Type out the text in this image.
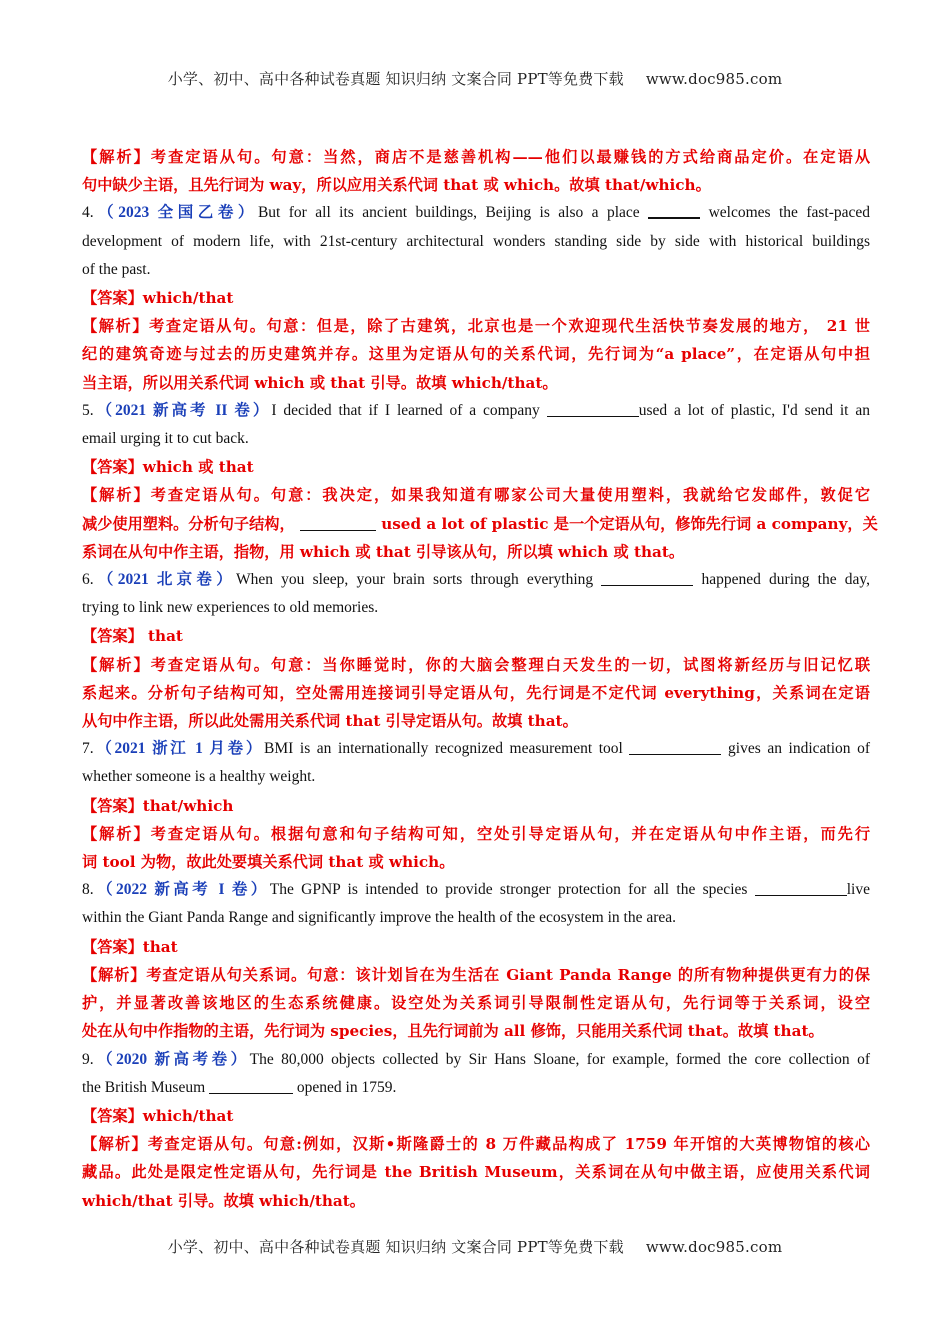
小学、初中、高中各种试卷真题 知识归纳 文案合同 PPT等免费下载 www.doc985.com
【解析】考查定语从句。句意：当然，商店不是慈善机构——他们以最赚钱的方式给商品定价。在定语从
句中缺少主语，且先行词为 way，所以应用关系代词 that 或 which。故填 that/which。
4.（2023 全国乙卷）But for all its ancient buildings, Beijing is also a place	welcomes the fast-paced
development of modern life, with 21st-century architectural wonders standing side by side with historical buildings
of the past.
【答案】which/that
【解析】考查定语从句。句意：但是，除了古建筑，北京也是一个欢迎现代生活快节奏发展的地方， 21 世
纪的建筑奇迹与过去的历史建筑并存。这里为定语从句的关系代词，先行词为“a place”，在定语从句中担
当主语，所以用关系代词 which 或 that 引导。故填 which/that。
5.（2021 新高考 II 卷）I decided that if I learned of a company	used a lot of plastic, I'd send it an
email urging it to cut back.
【答案】which 或 that
【解析】考查定语从句。句意：我决定，如果我知道有哪家公司大量使用塑料，我就给它发邮件，敦促它
减少使用塑料。分析句子结构，	used a lot of plastic 是一个定语从句，修饰先行词 a company，关
系词在从句中作主语，指物，用 which 或 that 引导该从句，所以填 which 或 that。
6.（2021 北京卷）When you sleep, your brain sorts through everything	happened during the day,
trying to link new experiences to old memories.
【答案】 that
【解析】考查定语从句。句意：当你睡觉时，你的大脑会整理白天发生的一切，试图将新经历与旧记忆联
系起来。分析句子结构可知，空处需用连接词引导定语从句，先行词是不定代词 everything，关系词在定语
从句中作主语，所以此处需用关系代词 that 引导定语从句。故填 that。
7.（2021 浙江 1 月卷）BMI is an internationally recognized measurement tool	gives an indication of
whether someone is a healthy weight.
【答案】that/which
【解析】考查定语从句。根据句意和句子结构可知，空处引导定语从句，并在定语从句中作主语，而先行
词 tool 为物，故此处要填关系代词 that 或 which。
8.（2022 新高考 I 卷）The GPNP is intended to provide stronger protection for all the species	live
within the Giant Panda Range and significantly improve the health of the ecosystem in the area.
【答案】that
【解析】考查定语从句关系词。句意：该计划旨在为生活在 Giant Panda Range 的所有物种提供更有力的保
护，并显著改善该地区的生态系统健康。设空处为关系词引导限制性定语从句，先行词等于关系词，设空
处在从句中作指物的主语，先行词为 species，且先行词前为 all 修饰，只能用关系代词 that。故填 that。
9.（2020 新高考卷）The 80,000 objects collected by Sir Hans Sloane, for example, formed the core collection of
the British Museum	opened in 1759.
【答案】which/that
【解析】考查定语从句。句意:例如，汉斯•斯隆爵士的 8 万件藏品构成了 1759 年开馆的大英博物馆的核心
藏品。此处是限定性定语从句，先行词是 the British Museum，关系词在从句中做主语，应使用关系代词
which/that 引导。故填 which/that。
小学、初中、高中各种试卷真题 知识归纳 文案合同 PPT等免费下载 www.doc985.com
